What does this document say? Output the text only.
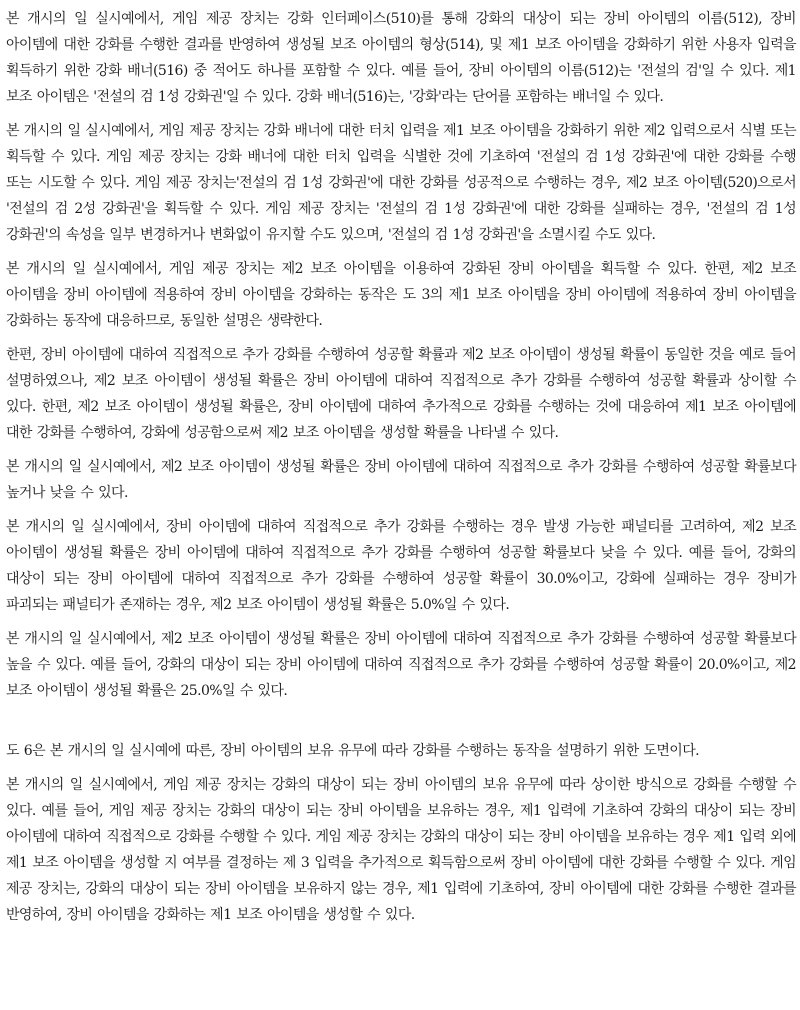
본 개시의 일 실시예에서, 게임 제공 장치는 강화 인터페이스(510)를 통해 강화의 대상이 되는 장비 아이템의 이름(512), 장비 아이템에 대한 강화를 수행한 결과를 반영하여 생성될 보조 아이템의 형상(514), 및 제1 보조 아이템을 강화하기 위한 사용자 입력을 획득하기 위한 강화 배너(516) 중 적어도 하나를 포함할 수 있다. 예를 들어, 장비 아이템의 이름(512)는 '전설의 검'일 수 있다. 제1 보조 아이템은 '전설의 검 1성 강화권'일 수 있다. 강화 배너(516)는, '강화'라는 단어를 포함하는 배너일 수 있다.

본 개시의 일 실시예에서, 게임 제공 장치는 강화 배너에 대한 터치 입력을 제1 보조 아이템을 강화하기 위한 제2 입력으로서 식별 또는 획득할 수 있다. 게임 제공 장치는 강화 배너에 대한 터치 입력을 식별한 것에 기초하여 '전설의 검 1성 강화권'에 대한 강화를 수행 또는 시도할 수 있다. 게임 제공 장치는'전설의 검 1성 강화권'에 대한 강화를 성공적으로 수행하는 경우, 제2 보조 아이템(520)으로서 '전설의 검 2성 강화권'을 획득할 수 있다. 게임 제공 장치는 '전설의 검 1성 강화권'에 대한 강화를 실패하는 경우, '전설의 검 1성 강화권'의 속성을 일부 변경하거나 변화없이 유지할 수도 있으며, '전설의 검 1성 강화권'을 소멸시킬 수도 있다.

본 개시의 일 실시예에서, 게임 제공 장치는 제2 보조 아이템을 이용하여 강화된 장비 아이템을 획득할 수 있다. 한편, 제2 보조 아이템을 장비 아이템에 적용하여 장비 아이템을 강화하는 동작은 도 3의 제1 보조 아이템을 장비 아이템에 적용하여 장비 아이템을 강화하는 동작에 대응하므로, 동일한 설명은 생략한다.

한편, 장비 아이템에 대하여 직접적으로 추가 강화를 수행하여 성공할 확률과 제2 보조 아이템이 생성될 확률이 동일한 것을 예로 들어 설명하였으나, 제2 보조 아이템이 생성될 확률은 장비 아이템에 대하여 직접적으로 추가 강화를 수행하여 성공할 확률과 상이할 수 있다. 한편, 제2 보조 아이템이 생성될 확률은, 장비 아이템에 대하여 추가적으로 강화를 수행하는 것에 대응하여 제1 보조 아이템에 대한 강화를 수행하여, 강화에 성공함으로써 제2 보조 아이템을 생성할 확률을 나타낼 수 있다.

본 개시의 일 실시예에서, 제2 보조 아이템이 생성될 확률은 장비 아이템에 대하여 직접적으로 추가 강화를 수행하여 성공할 확률보다 높거나 낮을 수 있다.

본 개시의 일 실시예에서, 장비 아이템에 대하여 직접적으로 추가 강화를 수행하는 경우 발생 가능한 패널티를 고려하여, 제2 보조 아이템이 생성될 확률은 장비 아이템에 대하여 직접적으로 추가 강화를 수행하여 성공할 확률보다 낮을 수 있다. 예를 들어, 강화의 대상이 되는 장비 아이템에 대하여 직접적으로 추가 강화를 수행하여 성공할 확률이 30.0%이고, 강화에 실패하는 경우 장비가 파괴되는 패널티가 존재하는 경우, 제2 보조 아이템이 생성될 확률은 5.0%일 수 있다.

본 개시의 일 실시예에서, 제2 보조 아이템이 생성될 확률은 장비 아이템에 대하여 직접적으로 추가 강화를 수행하여 성공할 확률보다 높을 수 있다. 예를 들어, 강화의 대상이 되는 장비 아이템에 대하여 직접적으로 추가 강화를 수행하여 성공할 확률이 20.0%이고, 제2 보조 아이템이 생성될 확률은 25.0%일 수 있다.

도 6은 본 개시의 일 실시예에 따른, 장비 아이템의 보유 유무에 따라 강화를 수행하는 동작을 설명하기 위한 도면이다.

본 개시의 일 실시예에서, 게임 제공 장치는 강화의 대상이 되는 장비 아이템의 보유 유무에 따라 상이한 방식으로 강화를 수행할 수 있다. 예를 들어, 게임 제공 장치는 강화의 대상이 되는 장비 아이템을 보유하는 경우, 제1 입력에 기초하여 강화의 대상이 되는 장비 아이템에 대하여 직접적으로 강화를 수행할 수 있다. 게임 제공 장치는 강화의 대상이 되는 장비 아이템을 보유하는 경우 제1 입력 외에 제1 보조 아이템을 생성할 지 여부를 결정하는 제 3 입력을 추가적으로 획득함으로써 장비 아이템에 대한 강화를 수행할 수 있다. 게임 제공 장치는, 강화의 대상이 되는 장비 아이템을 보유하지 않는 경우, 제1 입력에 기초하여, 장비 아이템에 대한 강화를 수행한 결과를 반영하여, 장비 아이템을 강화하는 제1 보조 아이템을 생성할 수 있다.
